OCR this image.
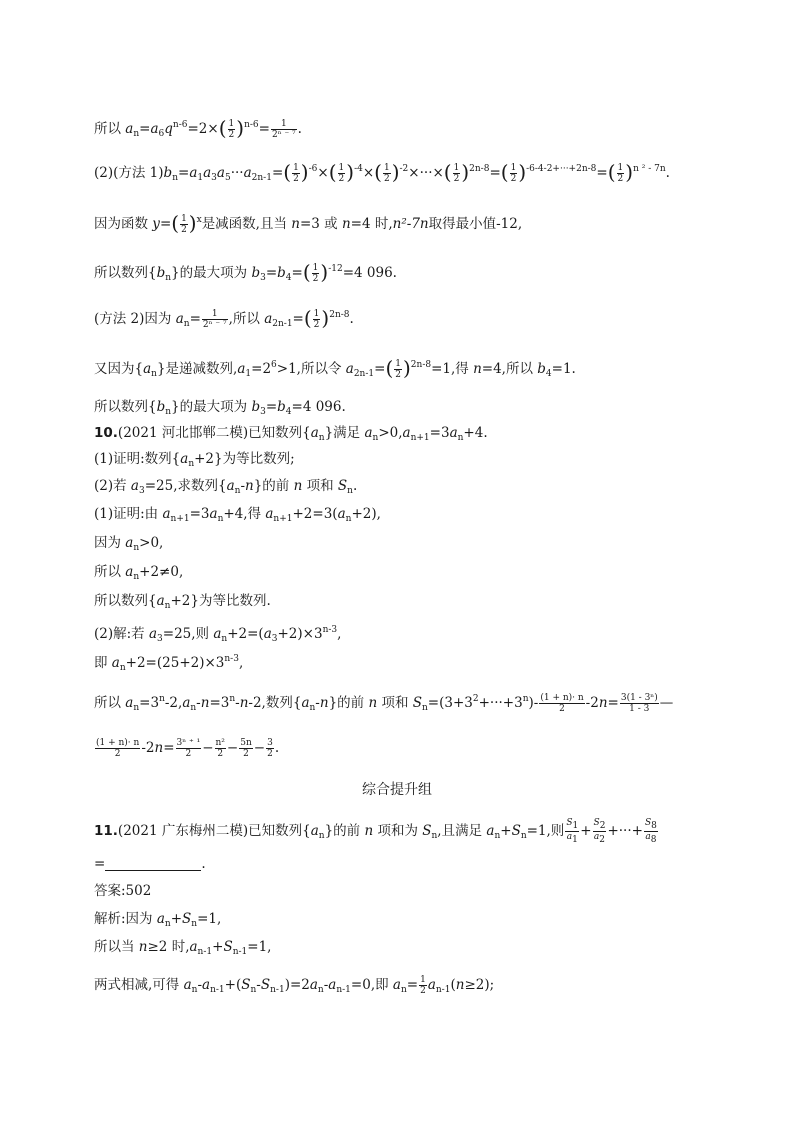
所以 $a_n=a_6q^{n-6}=2\times( \frac{1}{2} )^{n-6}= \frac{1}{\text{2ⁿ ⁻ ⁷}}$ .
(2)(方法 $1)b_n=a_1a_3a_5\cdot\cdot\cdot a_{2n-1}=( \frac{1}{2} )^{-6}\times( \frac{1}{2} )^{-4}\times( \frac{1}{2} )^{-2}\times\cdot\cdot\cdot\times( \frac{1}{2} )^{2n-8}=( \frac{1}{2} )^{-6-4-2+\cdot\cdot\cdot+2n-8}=( \frac{1}{2} )^{n ^2 - 7n}$.
因为函数 $y=( \frac{1}{2} )^x$是减函数,且当 n=3 或 n=4 时,n²-7n取得最小值-12,
所以数列$\{b_n\}$的最大项为 $b_3=b_4=( \frac{1}{2} )^{-12}=4$ 096.
(方法 2)因为 $a_n= \frac{1}{\text{2ⁿ ⁻ ⁷}}$ ,所以 $a_{2n-1}=( \frac{1}{2} )^{2n-8}$.
又因为$\{a_n\}$是递减数列$,a_1=2^6>1$,所以令 $a_{2n-1}=( \frac{1}{2} )^{2n-8}=1$,得 n=4,所以 $b_4=1$.
所以数列$\{b_n\}$的最大项为 $b_3=b_4=4$ 096.
10.(2021 河北邯郸二模)已知数列$\{a_n\}$满足 $a_n>0,a_{n+1}=3a_n+4$.
(1)证明:数列$\{a_n+2\}$为等比数列;
(2)若 $a_3=25$,求数列$\{a_n-n\}$的前 n 项和 $S_n$.
(1)证明:由 $a_{n+1}=3a_n+4$,得 $a_{n+1}+2=3(a_n+2)$,
因为 $a_n>0$,
所以 $a_n+2\ne 0$,
所以数列$\{a_n+2\}$为等比数列.
(2)解:若 $a_3=25$,则 $a_n+2=(a_3+2)\times 3^{n-3}$,
即 $a_n+2=(25+2)\times 3^{n-3}$,
所以 $a_n=3^n-2,a_n-n=3^n-n-2$,数列$\{a_n-n\}$的前 n 项和 $S_n=(3+3^2+\cdot\cdot\cdot+3^n)- \frac{(1 + n)\cdot n}{2} -2n= \frac{\text{3(1 - 3ⁿ)}}{1 - 3}$ —
$\frac{(1 + n)\cdot n}{2} -2n= \frac{\text{3ⁿ ⁺ ¹}}{2} - \frac{\text{n²}}{2} - \frac{5n}{2} - \frac{3}{2}$ .
综合提升组
11.(2021 广东梅州二模)已知数列$\{a_n\}$的前 n 项和为 $S_n$,且满足 $a_n+S_n=1$,则 $\frac{S_1}{a_1} + \frac{S_2}{a_2}$ +···+ $\frac{S_8}{a_8}$
=	.
答案:502
解析:因为 $a_n+S_n=1$,
所以当 n≥2 时$,a_{n-1}+S_{n-1}=1$,
两式相减,可得 $a_n-a_{n-1}+(S_n-S_{n-1})=2a_n-a_{n-1}=0$,即 $a_n= \frac{1}{2} a_{n-1}(n\ge 2)$;
